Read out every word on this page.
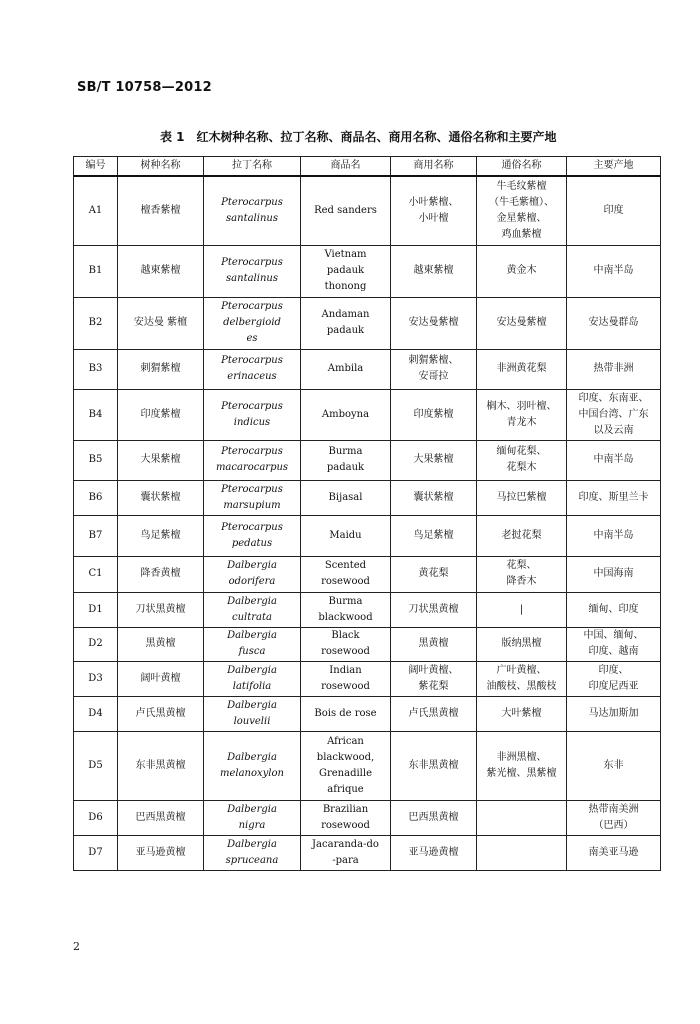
SB/T 10758—2012
表 1 红木树种名称、拉丁名称、商品名、商用名称、通俗名称和主要产地
编号	树种名称	拉丁名称	商品名	商用名称	通俗名称	主要产地
A1	檀香紫檀	Pterocarpus
santalinus	Red sanders	小叶紫檀、
小叶檀	牛毛纹紫檀
（牛毛紫檀）、
金星紫檀、
鸡血紫檀	印度

B1	越柬紫檀	Pterocarpus
santalinus	Vietnam
padauk
thonong	越柬紫檀	黄金木	中南半岛

B2	安达曼 紫檀	Pterocarpus
delbergioid
es	Andaman
padauk	安达曼紫檀	安达曼紫檀	安达曼群岛

B3	刺猬紫檀	Pterocarpus
erinaceus	Ambila	刺猬紫檀、
安哥拉	非洲黄花梨	热带非洲

B4	印度紫檀	Pterocarpus
indicus	Amboyna	印度紫檀	榈木、羽叶檀、
青龙木	印度、东南亚、
中国台湾、广东
以及云南

B5	大果紫檀	Pterocarpus
macarocarpus	Burma
padauk	大果紫檀	缅甸花梨、
花梨木	中南半岛

B6	囊状紫檀	Pterocarpus
marsupium	Bijasal	囊状紫檀	马拉巴紫檀	印度、斯里兰卡

B7	鸟足紫檀	Pterocarpus
pedatus	Maidu	鸟足紫檀	老挝花梨	中南半岛

C1	降香黄檀	Dalbergia
odorifera	Scented
rosewood	黄花梨	花梨、
降香木	中国海南

D1	刀状黑黄檀	Dalbergia
cultrata	Burma
blackwood	刀状黑黄檀	|	缅甸、印度

D2	黑黄檀	Dalbergia
fusca	Black
rosewood	黑黄檀	版纳黑檀	中国、缅甸、
印度、越南

D3	阔叶黄檀	Dalbergia
latifolia	Indian
rosewood	阔叶黄檀、
紫花梨	广叶黄檀、
油酸枝、黑酸枝	印度、
印度尼西亚

D4	卢氏黑黄檀	Dalbergia
louvelii	Bois de rose	卢氏黑黄檀	大叶紫檀	马达加斯加

D5	东非黑黄檀	Dalbergia
melanoxylon	African
blackwood,
Grenadille
afrique	东非黑黄檀	非洲黑檀、
紫光檀、黑紫檀	东非

D6	巴西黑黄檀	Dalbergia
nigra	Brazilian
rosewood	巴西黑黄檀		热带南美洲
（巴西）

D7	亚马逊黄檀	Dalbergia
spruceana	Jacaranda-do
-para	亚马逊黄檀		南美亚马逊
2
